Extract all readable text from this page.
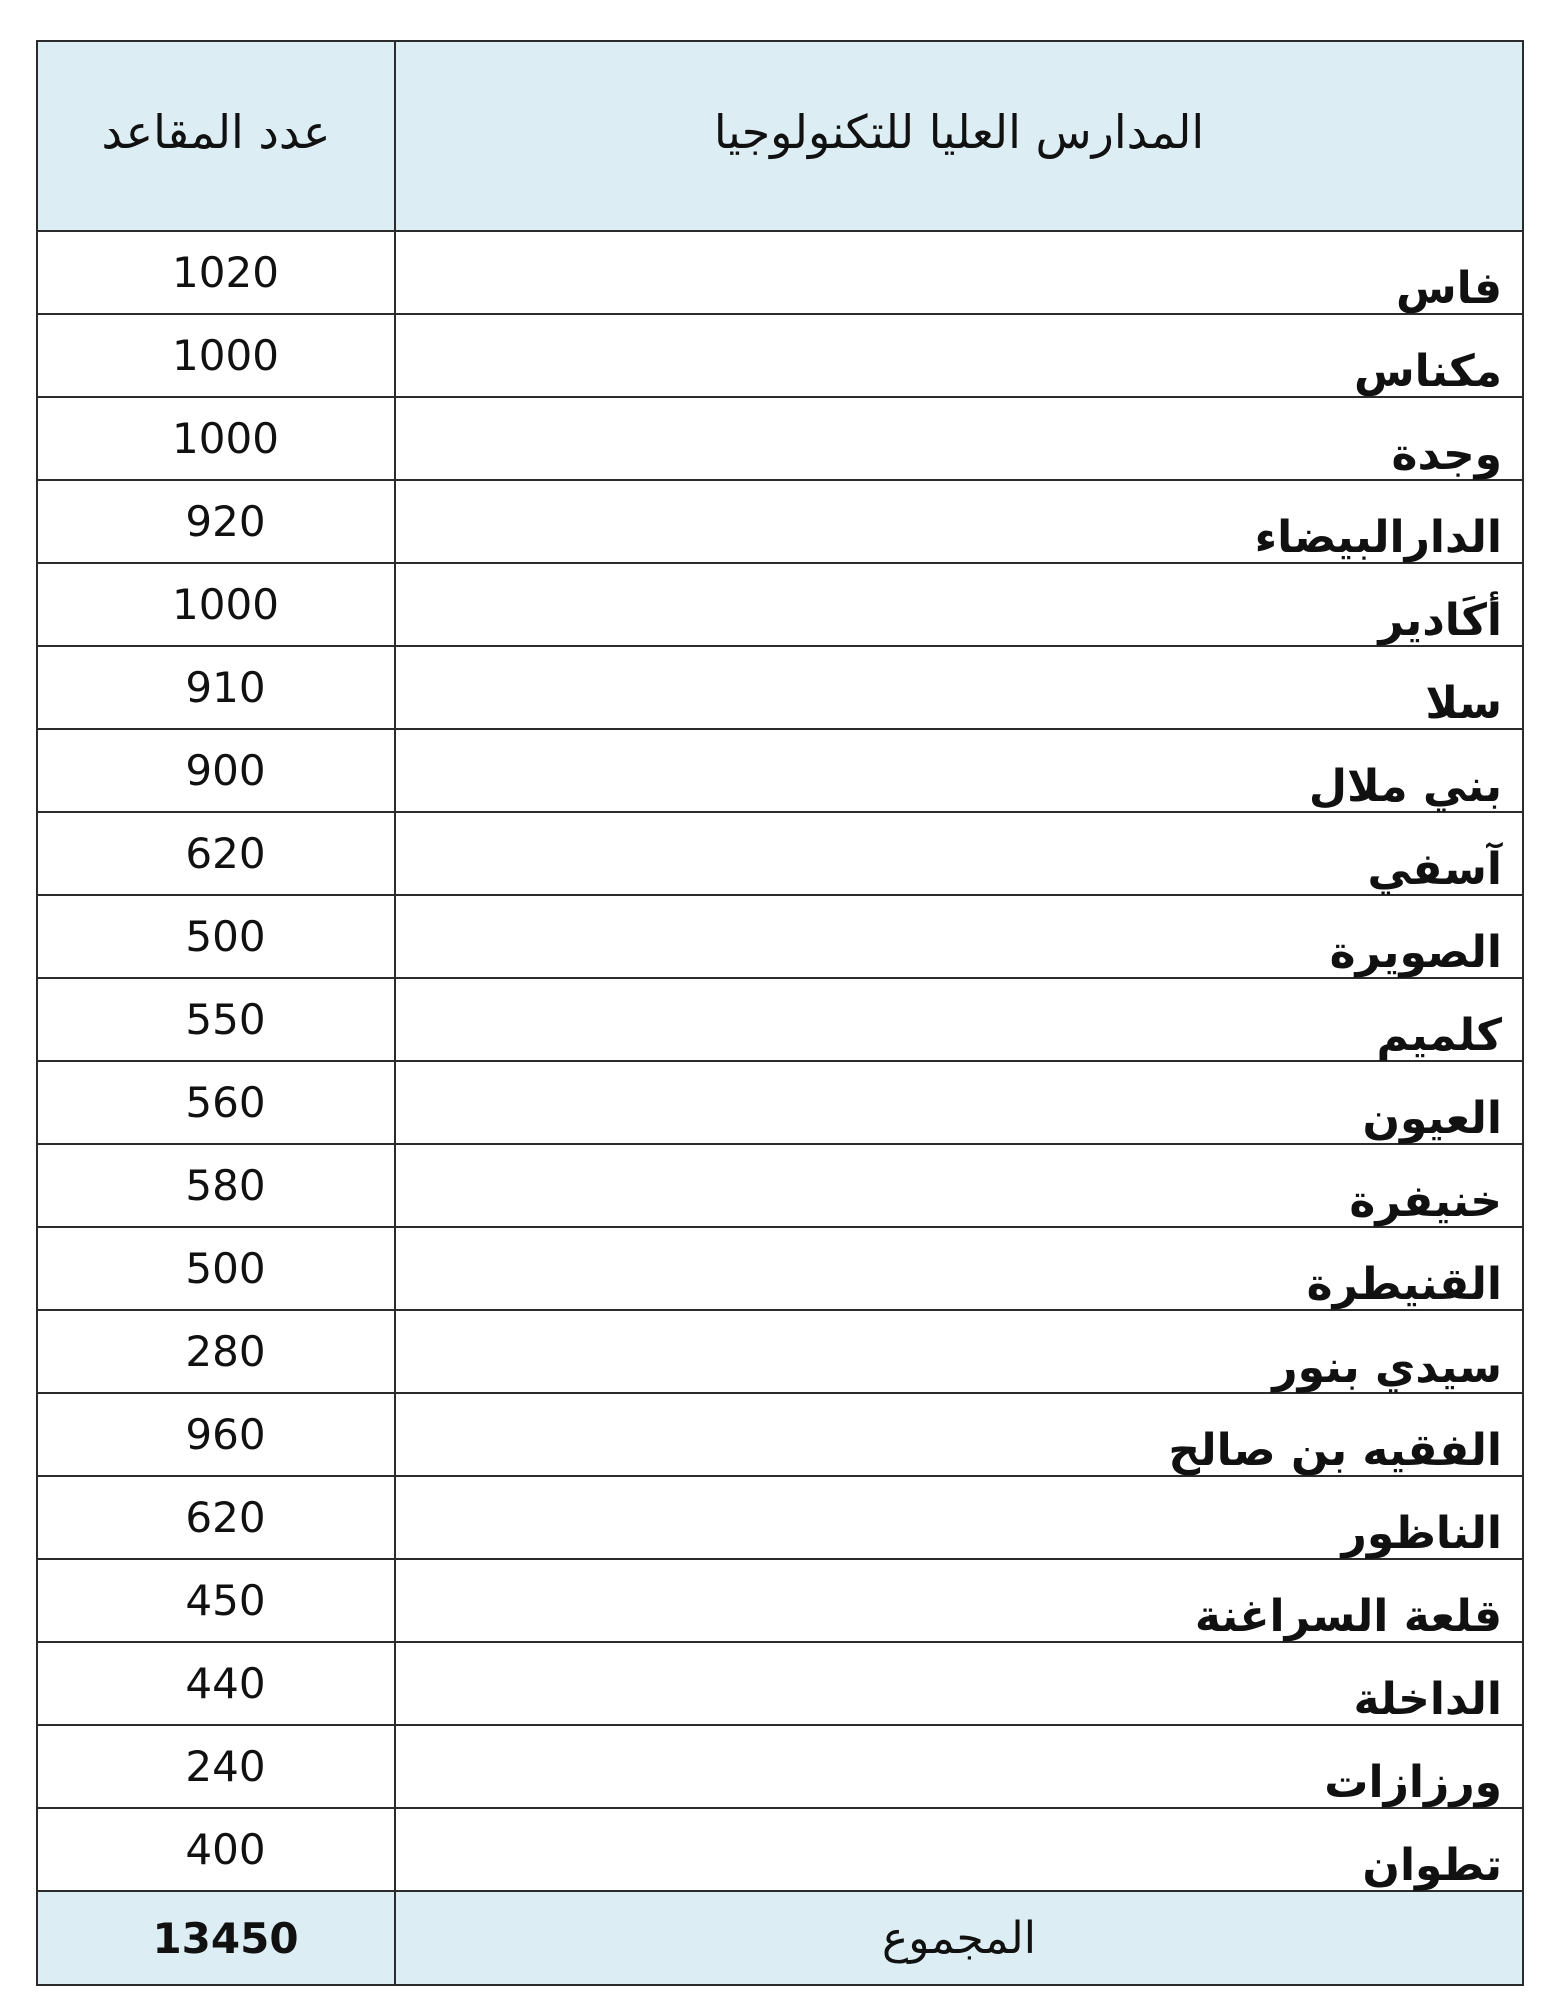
المدارس العليا للتكنولوجيا	عدد المقاعد
فاس	1020
مكناس	1000
وجدة	1000
الدارالبيضاء	920
أكَادير	1000
سلا	910
بني ملال	900
آسفي	620
الصويرة	500
كلميم	550
العيون	560
خنيفرة	580
القنيطرة	500
سيدي بنور	280
الفقيه بن صالح	960
الناظور	620
قلعة السراغنة	450
الداخلة	440
ورزازات	240
تطوان	400
المجموع	13450
